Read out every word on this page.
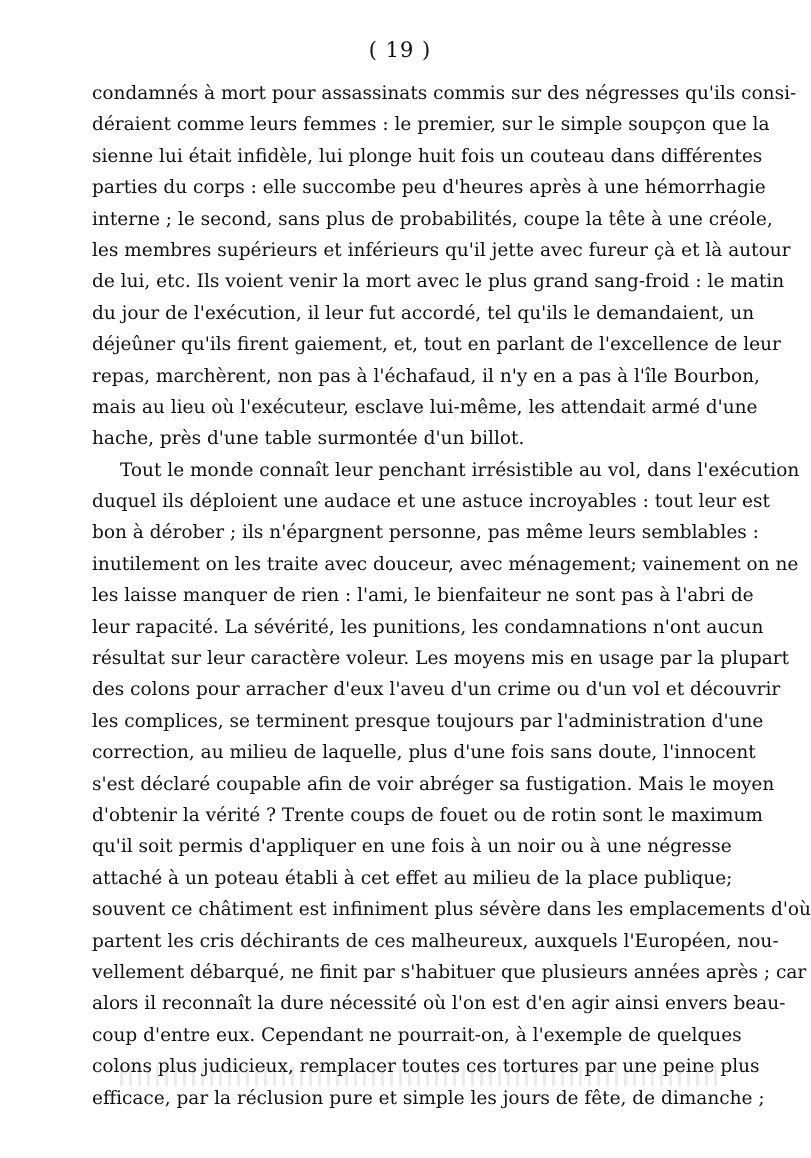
( 19 )
condamnés à mort pour assassinats commis sur des négresses qu'ils consi-
déraient comme leurs femmes : le premier, sur le simple soupçon que la
sienne lui était infidèle, lui plonge huit fois un couteau dans différentes
parties du corps : elle succombe peu d'heures après à une hémorrhagie
interne ; le second, sans plus de probabilités, coupe la tête à une créole,
les membres supérieurs et inférieurs qu'il jette avec fureur çà et là autour
de lui, etc. Ils voient venir la mort avec le plus grand sang-froid : le matin
du jour de l'exécution, il leur fut accordé, tel qu'ils le demandaient, un
déjeûner qu'ils firent gaiement, et, tout en parlant de l'excellence de leur
repas, marchèrent, non pas à l'échafaud, il n'y en a pas à l'île Bourbon,
mais au lieu où l'exécuteur, esclave lui-même, les attendait armé d'une
hache, près d'une table surmontée d'un billot.
Tout le monde connaît leur penchant irrésistible au vol, dans l'exécution
duquel ils déploient une audace et une astuce incroyables : tout leur est
bon à dérober ; ils n'épargnent personne, pas même leurs semblables :
inutilement on les traite avec douceur, avec ménagement; vainement on ne
les laisse manquer de rien : l'ami, le bienfaiteur ne sont pas à l'abri de
leur rapacité. La sévérité, les punitions, les condamnations n'ont aucun
résultat sur leur caractère voleur. Les moyens mis en usage par la plupart
des colons pour arracher d'eux l'aveu d'un crime ou d'un vol et découvrir
les complices, se terminent presque toujours par l'administration d'une
correction, au milieu de laquelle, plus d'une fois sans doute, l'innocent
s'est déclaré coupable afin de voir abréger sa fustigation. Mais le moyen
d'obtenir la vérité ? Trente coups de fouet ou de rotin sont le maximum
qu'il soit permis d'appliquer en une fois à un noir ou à une négresse
attaché à un poteau établi à cet effet au milieu de la place publique;
souvent ce châtiment est infiniment plus sévère dans les emplacements d'où
partent les cris déchirants de ces malheureux, auxquels l'Européen, nou-
vellement débarqué, ne finit par s'habituer que plusieurs années après ; car
alors il reconnaît la dure nécessité où l'on est d'en agir ainsi envers beau-
coup d'entre eux. Cependant ne pourrait-on, à l'exemple de quelques
colons plus judicieux, remplacer toutes ces tortures par une peine plus
efficace, par la réclusion pure et simple les jours de fête, de dimanche ;
